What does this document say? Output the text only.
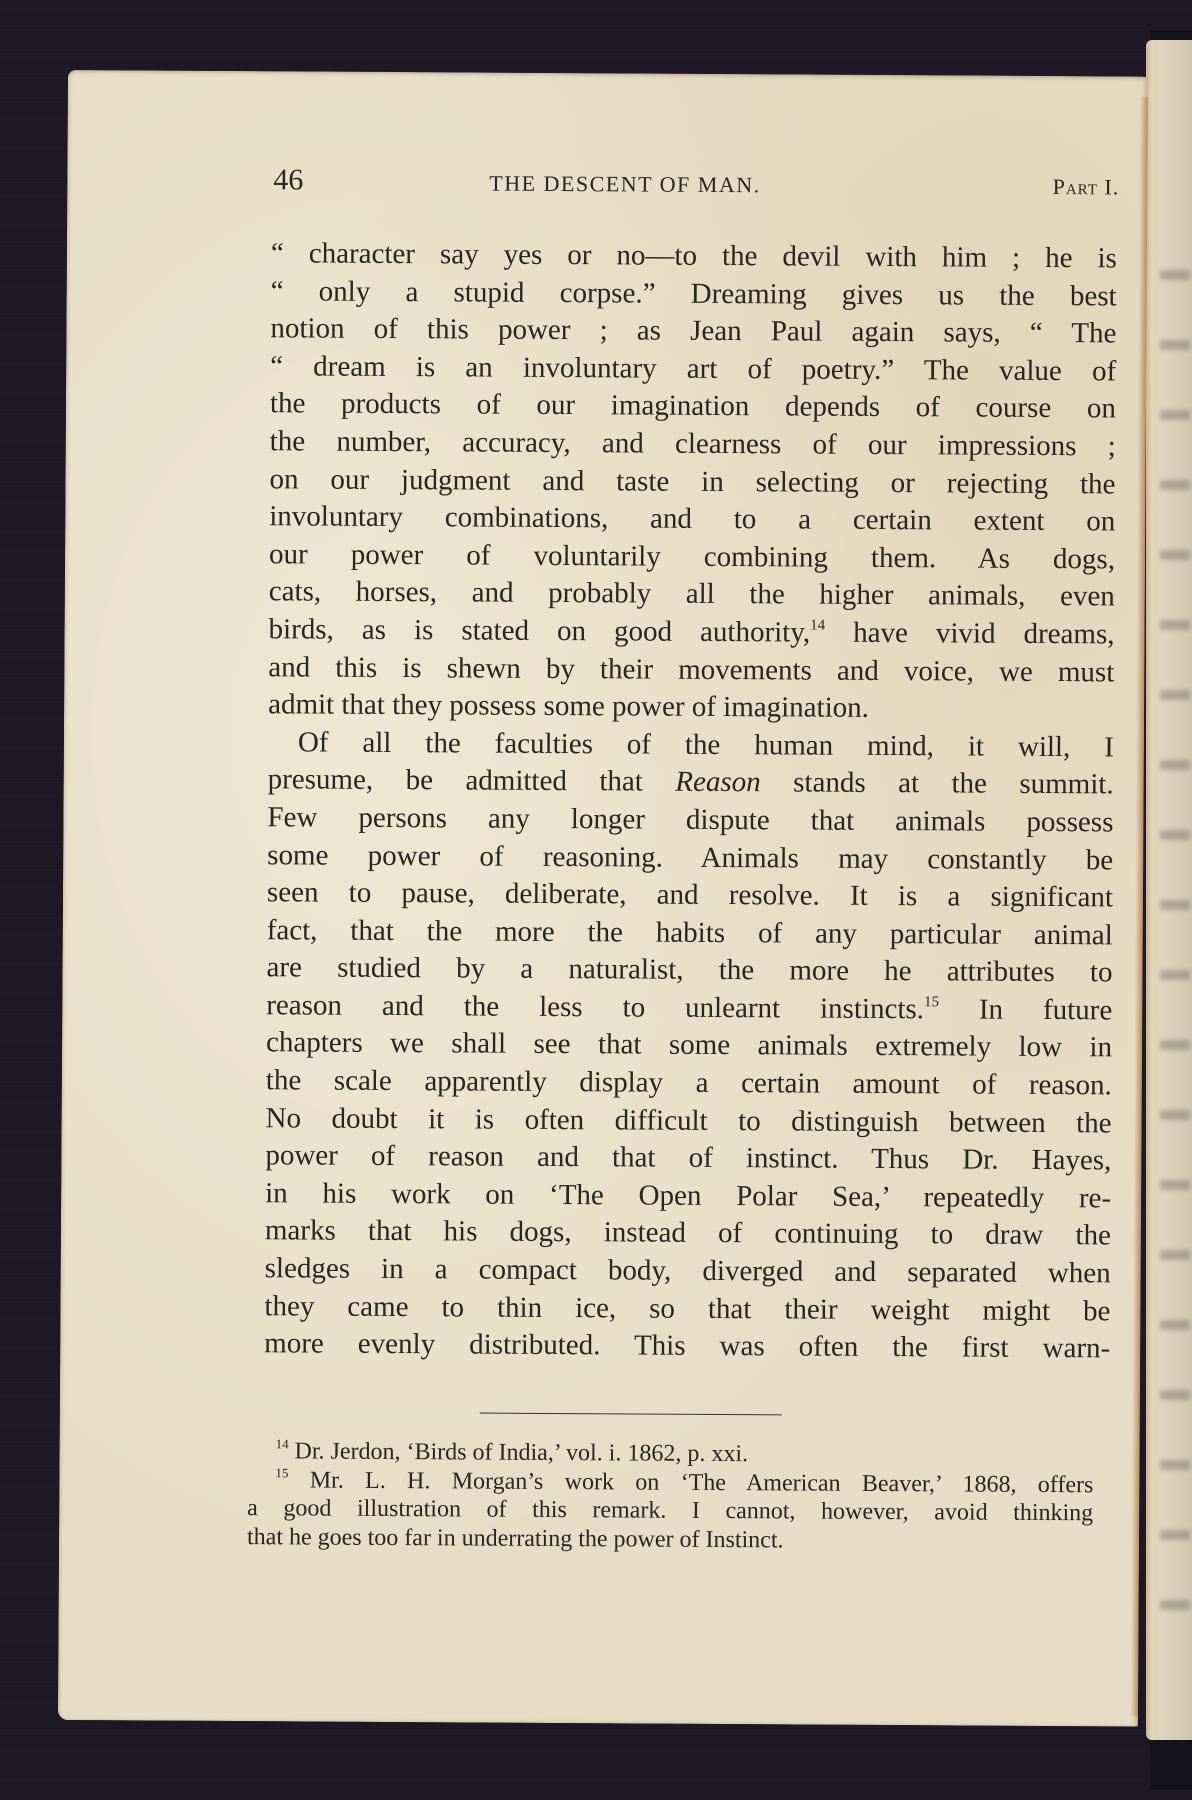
46	THE DESCENT OF MAN.	Part I.
“ character say yes or no—to the devil with him ; he is
“ only a stupid corpse.” Dreaming gives us the best
notion of this power ; as Jean Paul again says, “ The
“ dream is an involuntary art of poetry.” The value of
the products of our imagination depends of course on
the number, accuracy, and clearness of our impressions ;
on our judgment and taste in selecting or rejecting the
involuntary combinations, and to a certain extent on
our power of voluntarily combining them. As dogs,
cats, horses, and probably all the higher animals, even
birds, as is stated on good authority,$^{14}$ have vivid dreams,
and this is shewn by their movements and voice, we must
admit that they possess some power of imagination.
Of all the faculties of the human mind, it will, I
presume, be admitted that Reason stands at the summit.
Few persons any longer dispute that animals possess
some power of reasoning. Animals may constantly be
seen to pause, deliberate, and resolve. It is a significant
fact, that the more the habits of any particular animal
are studied by a naturalist, the more he attributes to
reason and the less to unlearnt instincts.$^{15}$ In future
chapters we shall see that some animals extremely low in
the scale apparently display a certain amount of reason.
No doubt it is often difficult to distinguish between the
power of reason and that of instinct. Thus Dr. Hayes,
in his work on ‘The Open Polar Sea,’ repeatedly re-
marks that his dogs, instead of continuing to draw the
sledges in a compact body, diverged and separated when
they came to thin ice, so that their weight might be
more evenly distributed. This was often the first warn-
$^{14}$ Dr. Jerdon, ‘Birds of India,’ vol. i. 1862, p. xxi.
$^{15}$ Mr. L. H. Morgan’s work on ‘The American Beaver,’ 1868, offers
a good illustration of this remark. I cannot, however, avoid thinking
that he goes too far in underrating the power of Instinct.
